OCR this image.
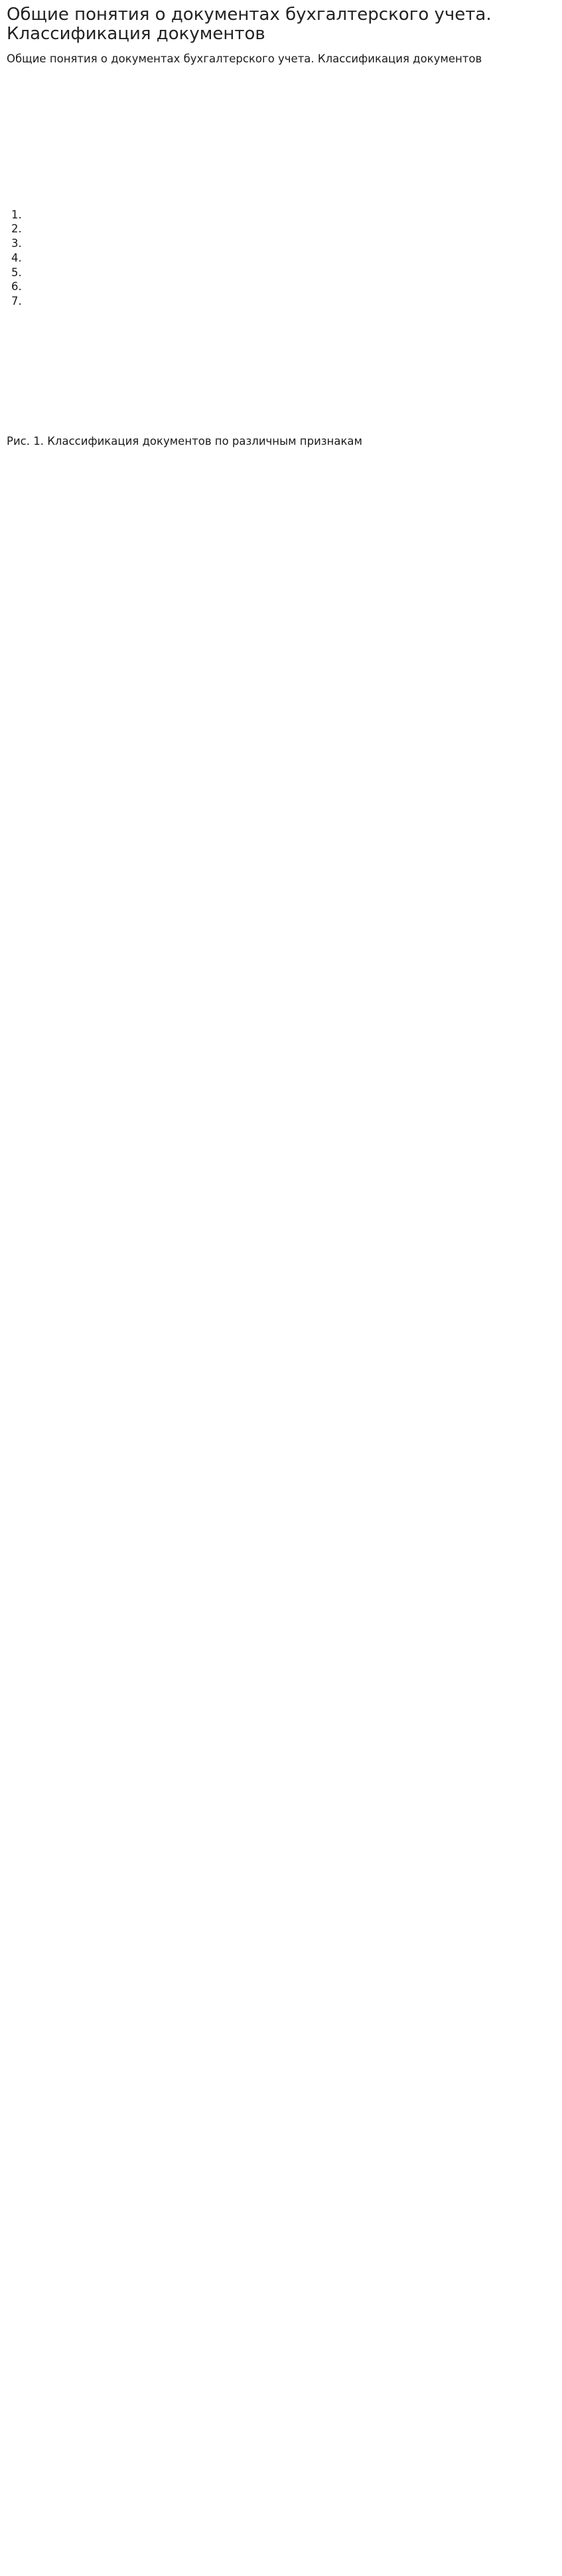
Общие понятия о документах бухгалтерского учета. Классификация документов

Общие понятия о документах бухгалтерского учета. Классификация документов

1.
2.
3.
4.
5.
6.
7.

Рис. 1. Классификация документов по различным признакам
